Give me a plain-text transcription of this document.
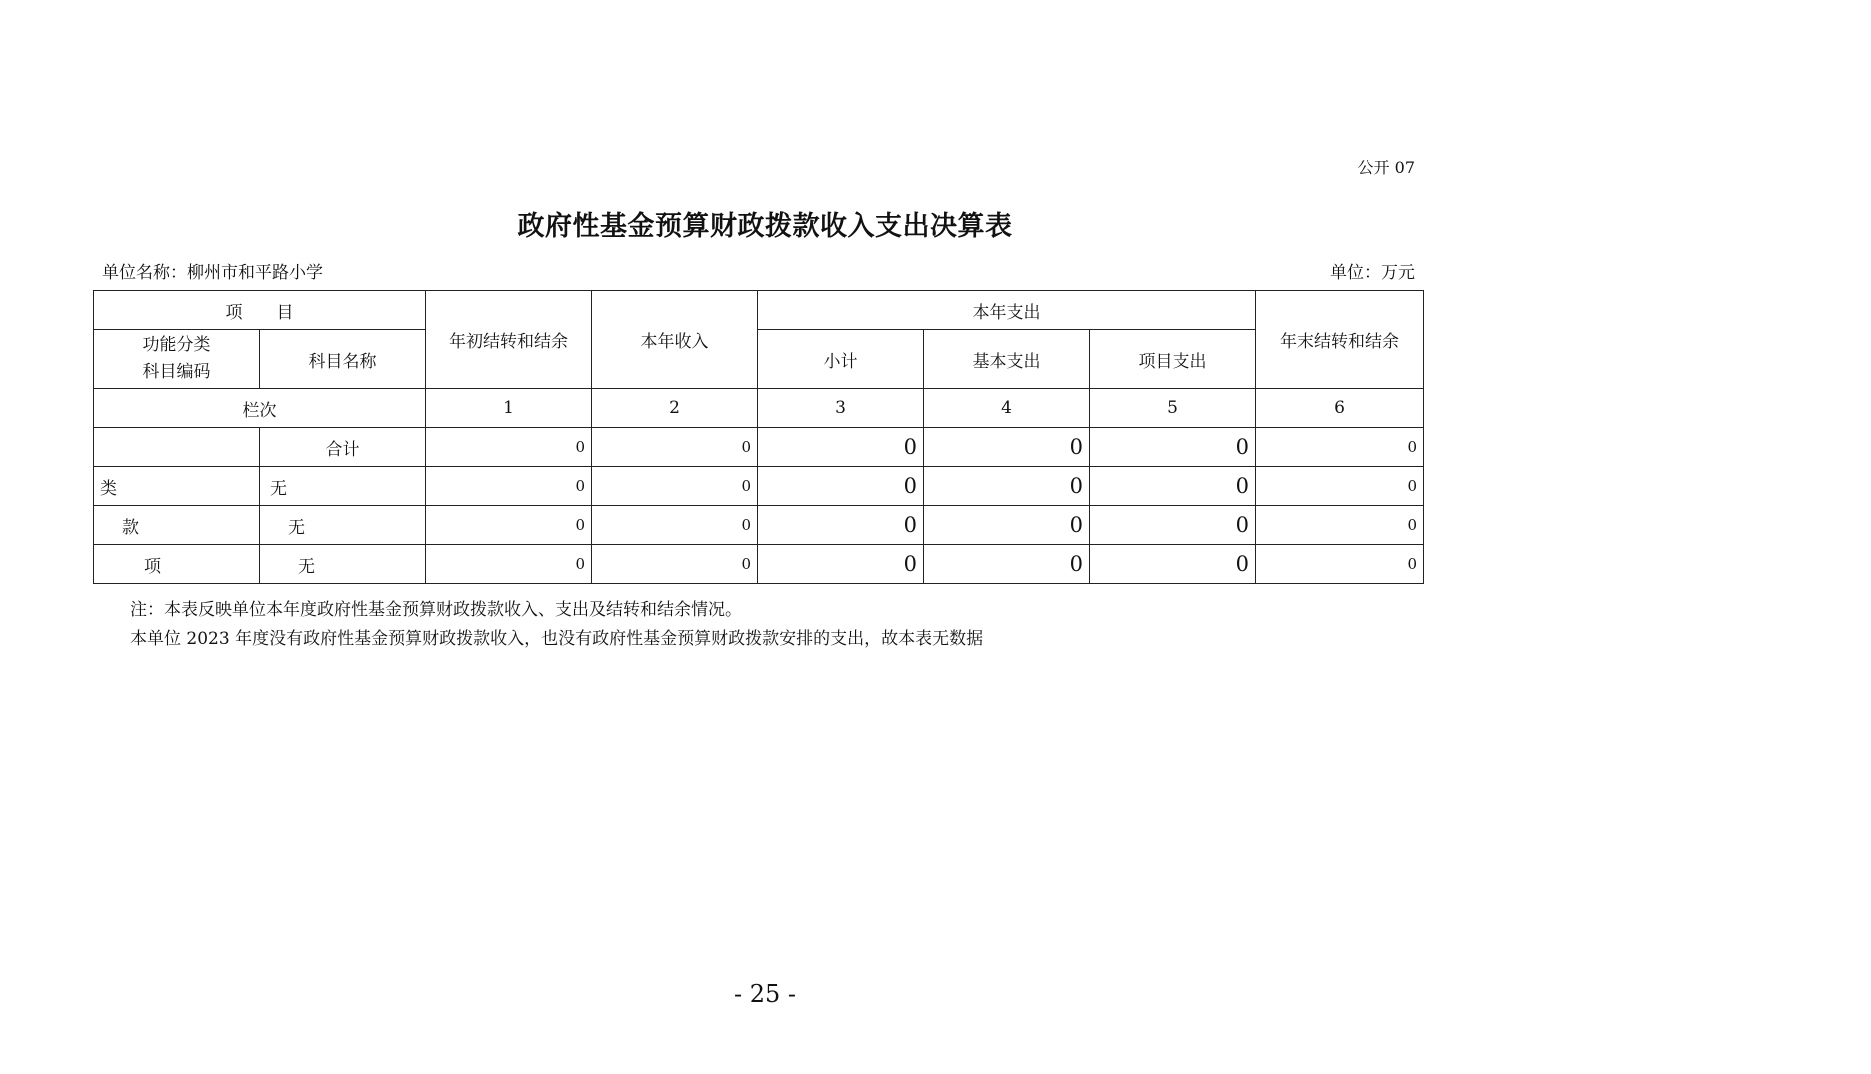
公开 07
政府性基金预算财政拨款收入支出决算表
单位名称：柳州市和平路小学	单位：万元
项　　目		年初结转和结余	本年收入	本年支出			年末结转和结余
功能分类
科目编码	科目名称			小计	基本支出	项目支出	
栏次		1	2	3	4	5	6
	合计	0	0	0	0	0	0
类	无	0	0	0	0	0	0
款	无	0	0	0	0	0	0
项	无	0	0	0	0	0	0
注：本表反映单位本年度政府性基金预算财政拨款收入、支出及结转和结余情况。
本单位 2023 年度没有政府性基金预算财政拨款收入，也没有政府性基金预算财政拨款安排的支出，故本表无数据
- 25 -
